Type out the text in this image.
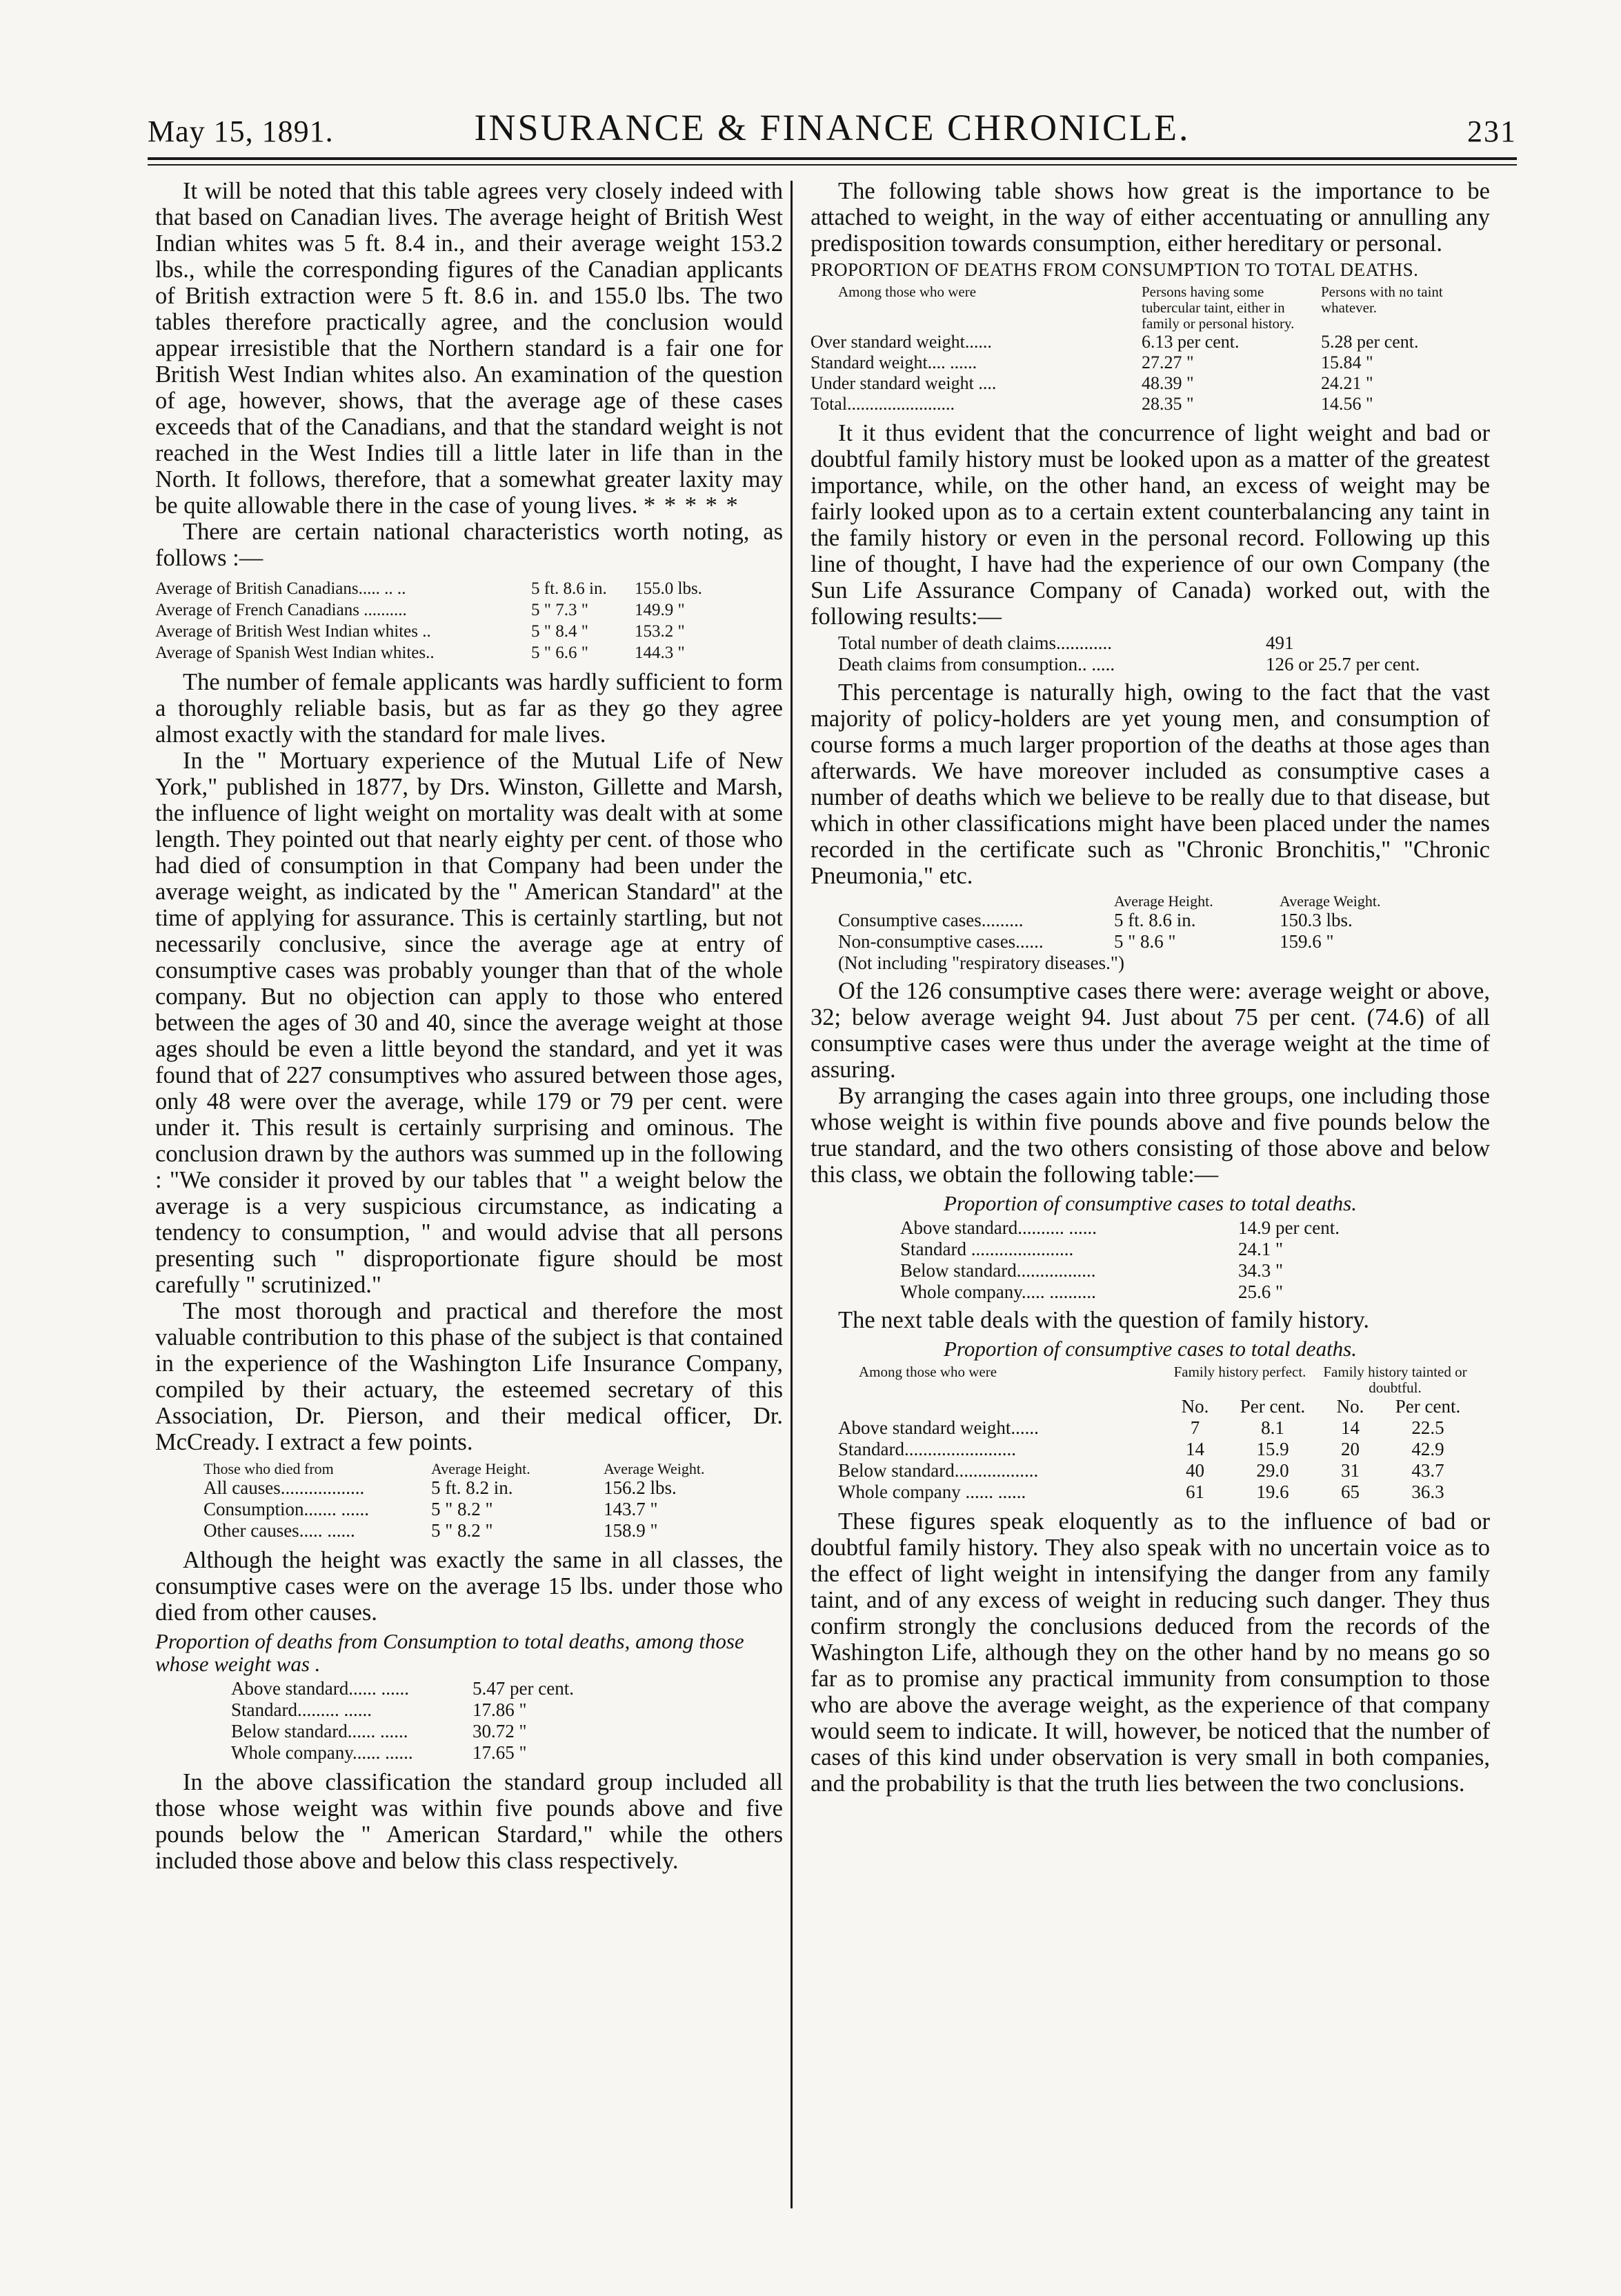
May 15, 1891.	INSURANCE & FINANCE CHRONICLE.	231

It will be noted that this table agrees very closely indeed with that based on Canadian lives. The average height of British West Indian whites was 5 ft. 8.4 in., and their average weight 153.2 lbs., while the corresponding figures of the Canadian applicants of British extraction were 5 ft. 8.6 in. and 155.0 lbs. The two tables therefore practically agree, and the conclusion would appear irresistible that the Northern standard is a fair one for British West Indian whites also. An examination of the question of age, however, shows, that the average age of these cases exceeds that of the Canadians, and that the standard weight is not reached in the West Indies till a little later in life than in the North. It follows, therefore, that a somewhat greater laxity may be quite allowable there in the case of young lives. * * * * *

There are certain national characteristics worth noting, as follows :—

Average of British Canadians..... .. ..	5 ft. 8.6 in.	155.0 lbs.
Average of French Canadians ..........	5 " 7.3 "	149.9 "
Average of British West Indian whites ..	5 " 8.4 "	153.2 "
Average of Spanish West Indian whites..	5 " 6.6 "	144.3 "

The number of female applicants was hardly sufficient to form a thoroughly reliable basis, but as far as they go they agree almost exactly with the standard for male lives.

In the " Mortuary experience of the Mutual Life of New York," published in 1877, by Drs. Winston, Gillette and Marsh, the influence of light weight on mortality was dealt with at some length. They pointed out that nearly eighty per cent. of those who had died of consumption in that Company had been under the average weight, as indicated by the " American Standard" at the time of applying for assurance. This is certainly startling, but not necessarily conclusive, since the average age at entry of consumptive cases was probably younger than that of the whole company. But no objection can apply to those who entered between the ages of 30 and 40, since the average weight at those ages should be even a little beyond the standard, and yet it was found that of 227 consumptives who assured between those ages, only 48 were over the average, while 179 or 79 per cent. were under it. This result is certainly surprising and ominous. The conclusion drawn by the authors was summed up in the following : "We consider it proved by our tables that " a weight below the average is a very suspicious circumstance, as indicating a tendency to consumption, " and would advise that all persons presenting such " disproportionate figure should be most carefully " scrutinized."

The most thorough and practical and therefore the most valuable contribution to this phase of the subject is that contained in the experience of the Washington Life Insurance Company, compiled by their actuary, the esteemed secretary of this Association, Dr. Pierson, and their medical officer, Dr. McCready. I extract a few points.

Those who died from	Average Height.	Average Weight.
All causes..................	5 ft. 8.2 in.	156.2 lbs.
Consumption....... ......	5 " 8.2 "	143.7 "
Other causes..... ......	5 " 8.2 "	158.9 "

Although the height was exactly the same in all classes, the consumptive cases were on the average 15 lbs. under those who died from other causes.

Proportion of deaths from Consumption to total deaths, among those whose weight was .
Above standard...... ......	5.47 per cent.
Standard......... ......	17.86 "
Below standard...... ......	30.72 "
Whole company...... ......	17.65 "

In the above classification the standard group included all those whose weight was within five pounds above and five pounds below the " American Stardard," while the others included those above and below this class respectively.

The following table shows how great is the importance to be attached to weight, in the way of either accentuating or annulling any predisposition towards consumption, either hereditary or personal.

PROPORTION OF DEATHS FROM CONSUMPTION TO TOTAL DEATHS.
Among those who were	Persons having some tubercular taint, either in family or personal history.	Persons with no taint whatever.
Over standard weight......	6.13 per cent.	5.28 per cent.
Standard weight.... ......	27.27 "	15.84 "
Under standard weight ....	48.39 "	24.21 "
Total........................	28.35 "	14.56 "

It it thus evident that the concurrence of light weight and bad or doubtful family history must be looked upon as a matter of the greatest importance, while, on the other hand, an excess of weight may be fairly looked upon as to a certain extent counterbalancing any taint in the family history or even in the personal record. Following up this line of thought, I have had the experience of our own Company (the Sun Life Assurance Company of Canada) worked out, with the following results:—

Total number of death claims............	491
Death claims from consumption.. .....	126 or 25.7 per cent.

This percentage is naturally high, owing to the fact that the vast majority of policy-holders are yet young men, and consumption of course forms a much larger proportion of the deaths at those ages than afterwards. We have moreover included as consumptive cases a number of deaths which we believe to be really due to that disease, but which in other classifications might have been placed under the names recorded in the certificate such as "Chronic Bronchitis," "Chronic Pneumonia," etc.

	Average Height.	Average Weight.
Consumptive cases.........	5 ft. 8.6 in.	150.3 lbs.
Non-consumptive cases......	5 " 8.6 "	159.6 "
(Not including "respiratory diseases.")		

Of the 126 consumptive cases there were: average weight or above, 32; below average weight 94. Just about 75 per cent. (74.6) of all consumptive cases were thus under the average weight at the time of assuring.

By arranging the cases again into three groups, one including those whose weight is within five pounds above and five pounds below the true standard, and the two others consisting of those above and below this class, we obtain the following table:—

Proportion of consumptive cases to total deaths.
Above standard.......... ......	14.9 per cent.
Standard ......................	24.1 "
Below standard.................	34.3 "
Whole company..... ..........	25.6 "

The next table deals with the question of family history.

Proportion of consumptive cases to total deaths.
Among those who were	Family history perfect.		Family history tainted or doubtful.	
	No.	Per cent.	No.	Per cent.
Above standard weight......	7	8.1	14	22.5
Standard........................	14	15.9	20	42.9
Below standard..................	40	29.0	31	43.7
Whole company ...... ......	61	19.6	65	36.3

These figures speak eloquently as to the influence of bad or doubtful family history. They also speak with no uncertain voice as to the effect of light weight in intensifying the danger from any family taint, and of any excess of weight in reducing such danger. They thus confirm strongly the conclusions deduced from the records of the Washington Life, although they on the other hand by no means go so far as to promise any practical immunity from consumption to those who are above the average weight, as the experience of that company would seem to indicate. It will, however, be noticed that the number of cases of this kind under observation is very small in both companies, and the probability is that the truth lies between the two conclusions.
